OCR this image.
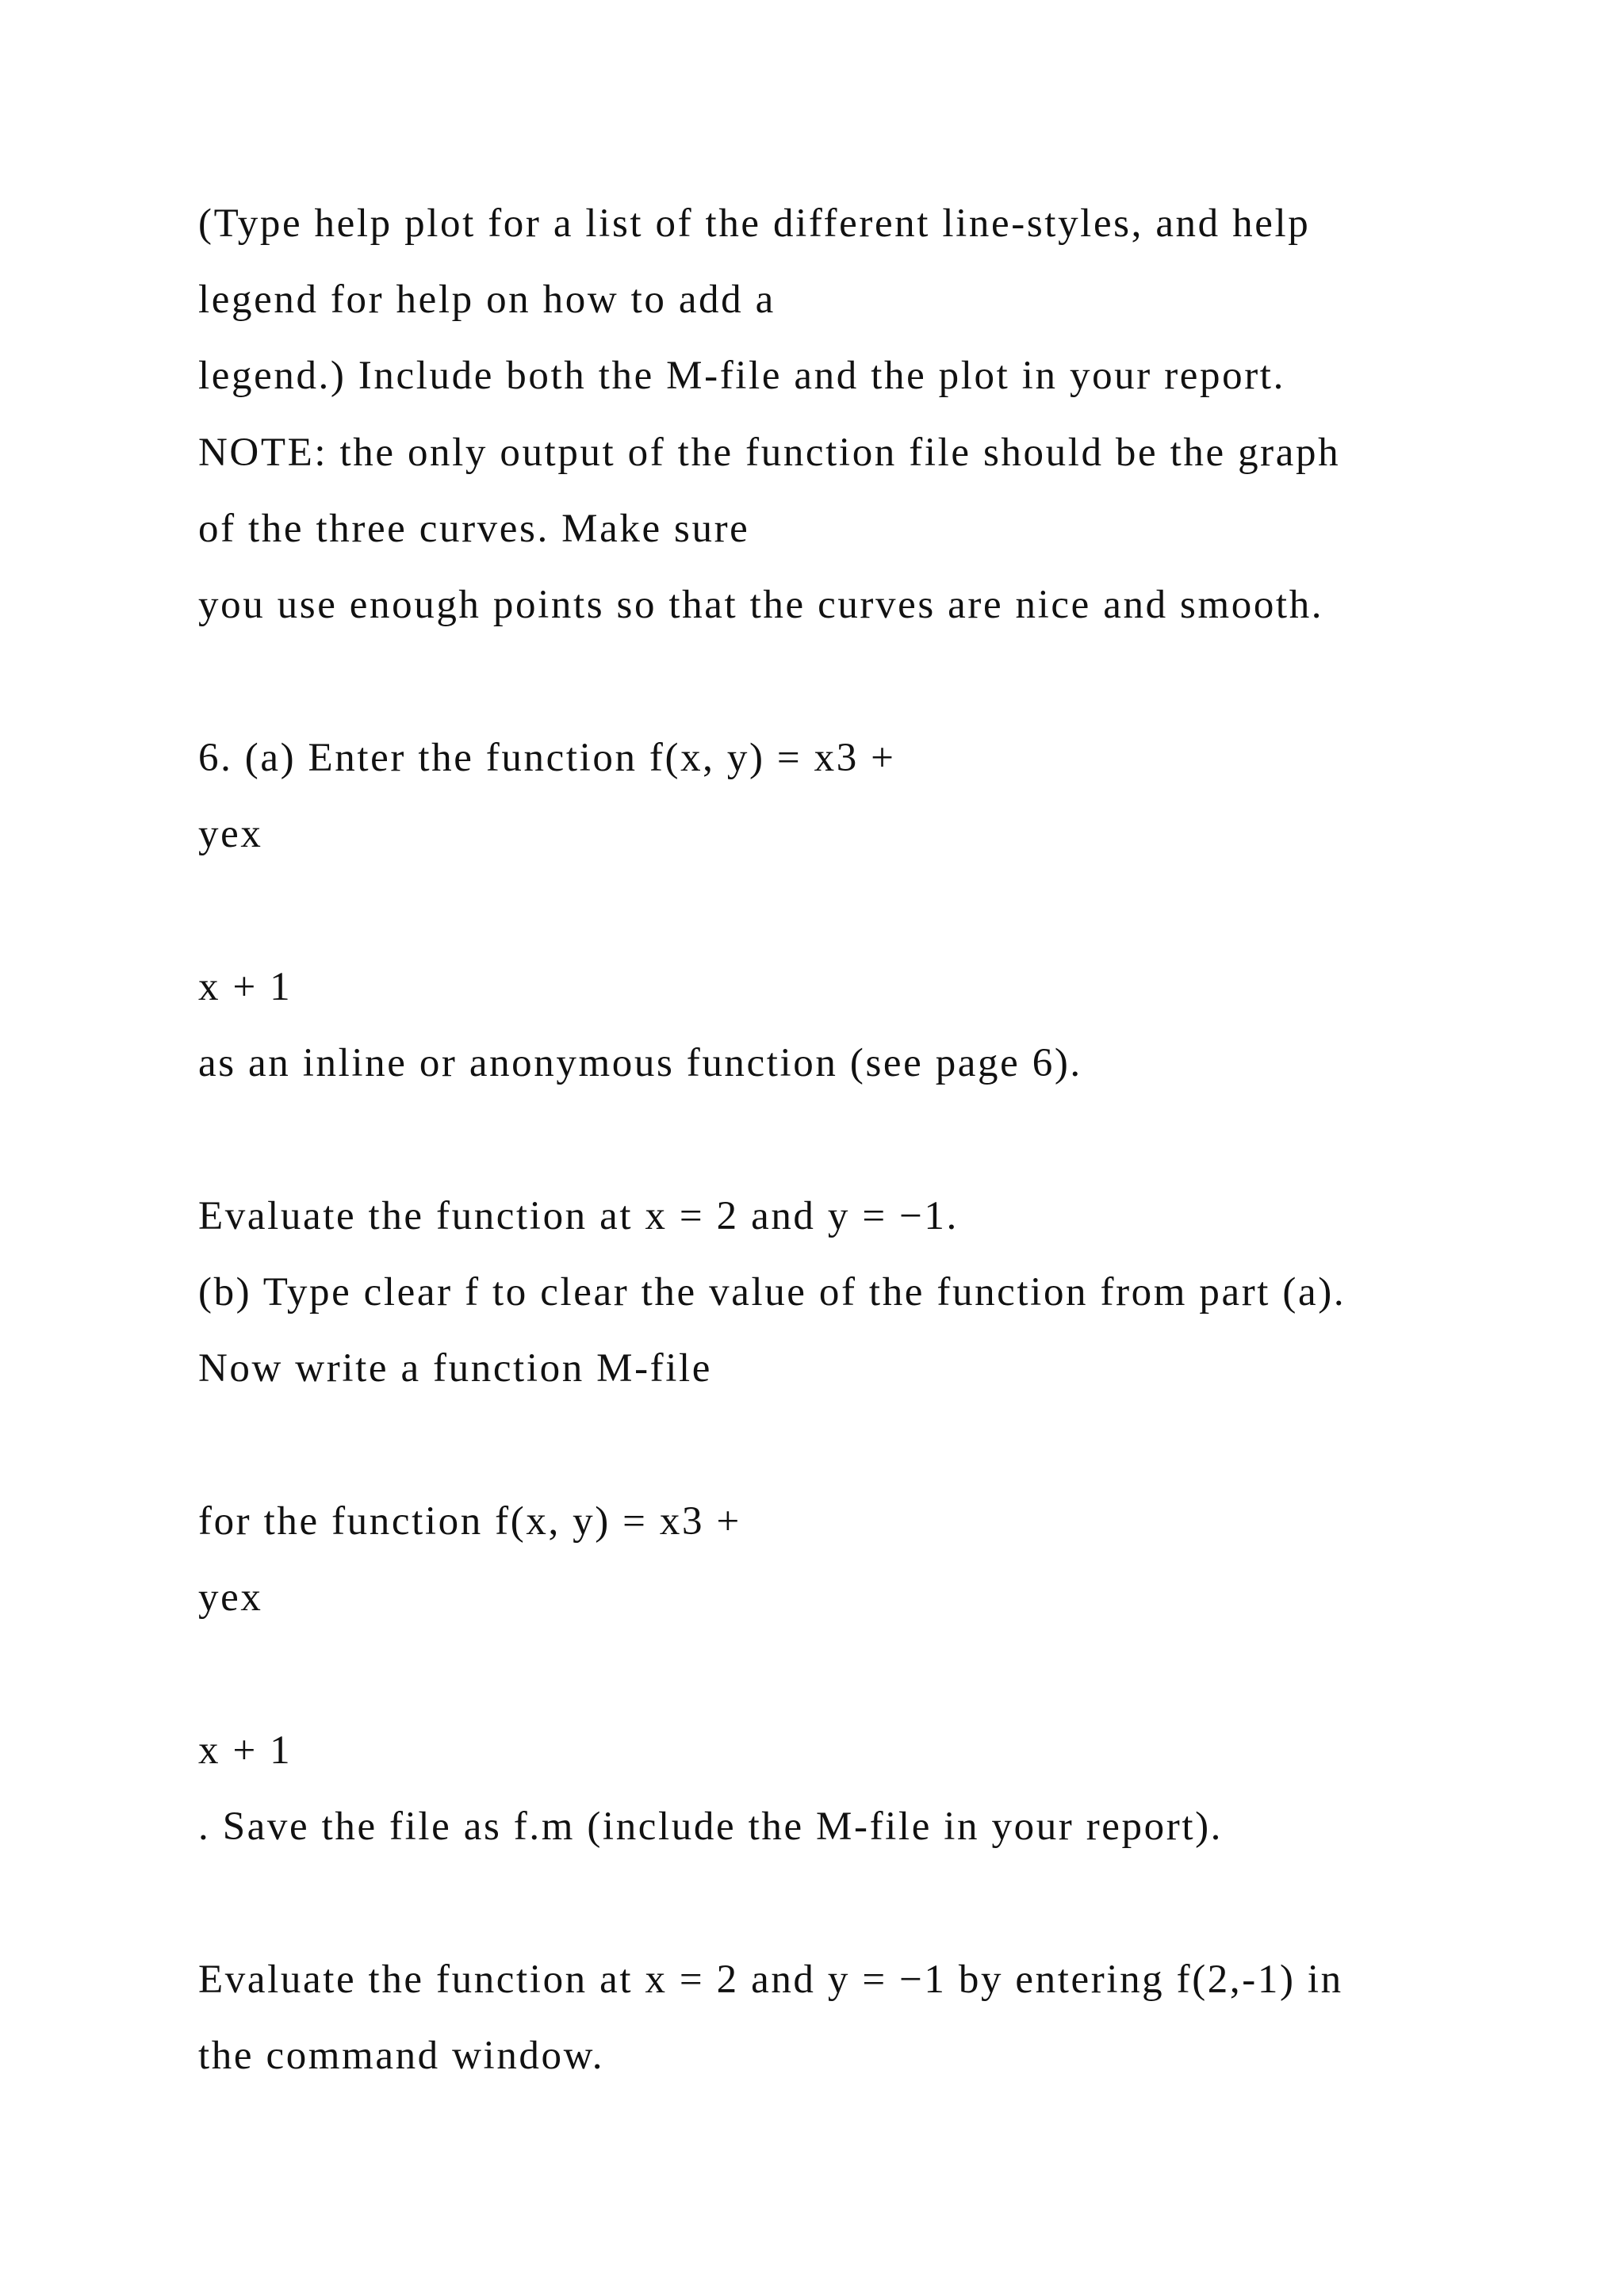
(Type help plot for a list of the different line-styles, and help

legend for help on how to add a

legend.) Include both the M-file and the plot in your report.

NOTE: the only output of the function file should be the graph

of the three curves. Make sure

you use enough points so that the curves are nice and smooth.

6. (a) Enter the function f(x, y) = x3 +

yex

x + 1

as an inline or anonymous function (see page 6).

Evaluate the function at x = 2 and y = −1.

(b) Type clear f to clear the value of the function from part (a).

Now write a function M-file

for the function f(x, y) = x3 +

yex

x + 1

. Save the file as f.m (include the M-file in your report).

Evaluate the function at x = 2 and y = −1 by entering f(2,-1) in

the command window.
